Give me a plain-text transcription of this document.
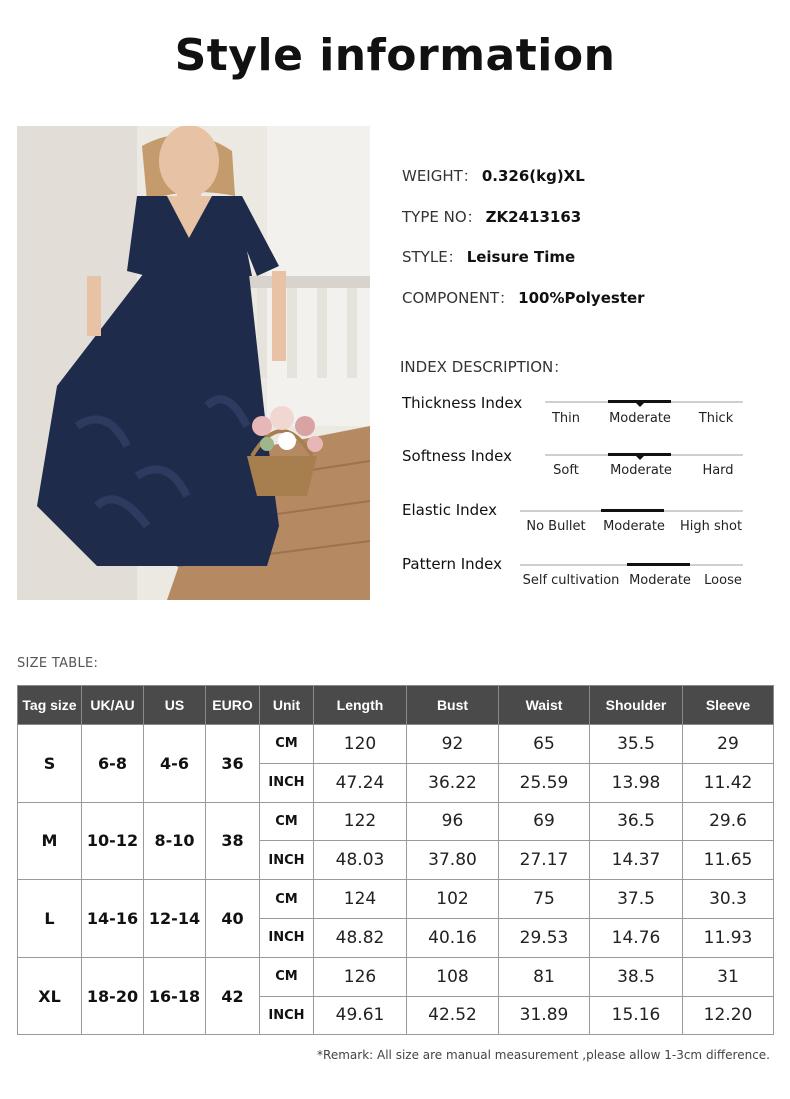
Style information
WEIGHT： 0.326(kg)XL
TYPE NO： ZK2413163
STYLE： Leisure Time
COMPONENT： 100%Polyester
INDEX DESCRIPTION：
Thickness Index
Thin Moderate Thick
Softness Index
Soft Moderate Hard
Elastic Index
No Bullet Moderate High shot
Pattern Index
Self cultivation Moderate Loose
SIZE TABLE:
Tag size	UK/AU	US	EURO	Unit	Length	Bust	Waist	Shoulder	Sleeve
S	6-8	4-6	36	CM	120	92	65	35.5	29
				INCH	47.24	36.22	25.59	13.98	11.42
M	10-12	8-10	38	CM	122	96	69	36.5	29.6
				INCH	48.03	37.80	27.17	14.37	11.65
L	14-16	12-14	40	CM	124	102	75	37.5	30.3
				INCH	48.82	40.16	29.53	14.76	11.93
XL	18-20	16-18	42	CM	126	108	81	38.5	31
				INCH	49.61	42.52	31.89	15.16	12.20
*Remark: All size are manual measurement ,please allow 1-3cm difference.
